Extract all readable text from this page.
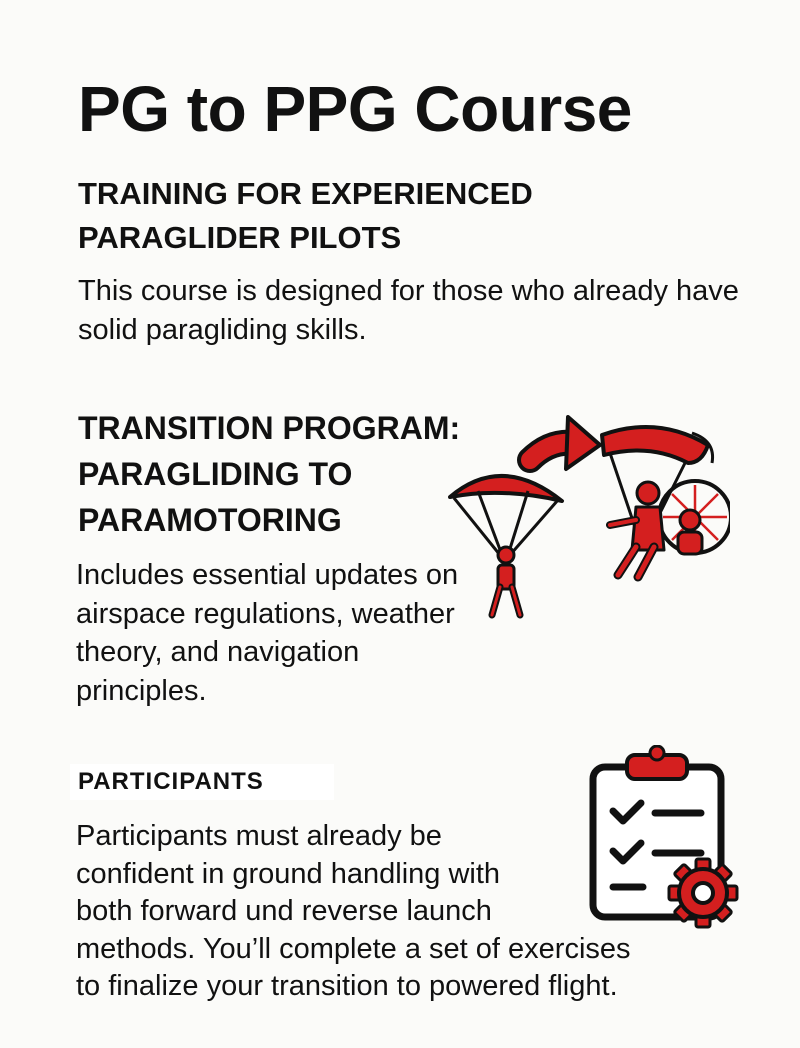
PG to PPG Course
TRAINING FOR EXPERIENCED PARAGLIDER PILOTS

This course is designed for those who already have solid paragliding skills.

TRANSITION PROGRAM: PARAGLIDING TO PARAMOTORING

Includes essential updates on airspace regulations, weather theory, and navigation principles.

PARTICIPANTS

Participants must already be
confident in ground handling with
both forward und reverse launch
methods. You’ll complete a set of exercises
to finalize your transition to powered flight.
